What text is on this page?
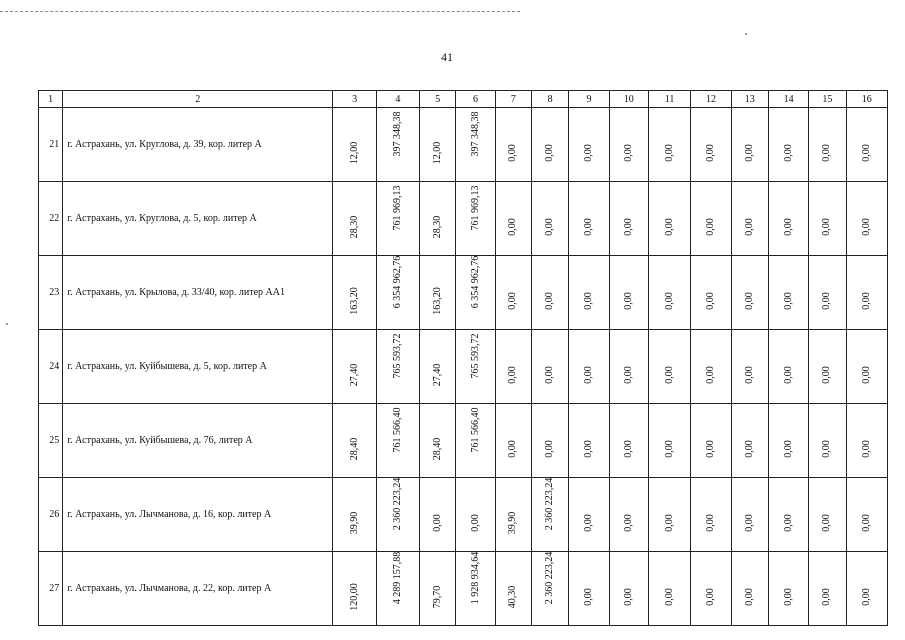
41
1	2	3	4	5	6	7	8	9	10	11	12	13	14	15	16
21	г. Астрахань, ул. Круглова, д. 39, кор. литер А	12,00	397 348,38	12,00	397 348,38	0,00	0,00	0,00	0,00	0,00	0,00	0,00	0,00	0,00	0,00

22	г. Астрахань, ул. Круглова, д. 5, кор. литер А	28,30	761 969,13	28,30	761 969,13	0,00	0,00	0,00	0,00	0,00	0,00	0,00	0,00	0,00	0,00

23	г. Астрахань, ул. Крылова, д. 33/40, кор. литер АА1	163,20	6 354 962,76	163,20	6 354 962,76	0,00	0,00	0,00	0,00	0,00	0,00	0,00	0,00	0,00	0,00

24	г. Астрахань, ул. Куйбышева, д. 5, кор. литер А	27,40	765 593,72	27,40	765 593,72	0,00	0,00	0,00	0,00	0,00	0,00	0,00	0,00	0,00	0,00

25	г. Астрахань, ул. Куйбышева, д. 76, литер А	28,40	761 566,40	28,40	761 566,40	0,00	0,00	0,00	0,00	0,00	0,00	0,00	0,00	0,00	0,00

26	г. Астрахань, ул. Лычманова, д. 16, кор. литер А	39,90	2 360 223,24	0,00	0,00	39,90	2 360 223,24	0,00	0,00	0,00	0,00	0,00	0,00	0,00	0,00

27	г. Астрахань, ул. Лычманова, д. 22, кор. литер А	120,00	4 289 157,88	79,70	1 928 934,64	40,30	2 360 223,24	0,00	0,00	0,00	0,00	0,00	0,00	0,00	0,00
